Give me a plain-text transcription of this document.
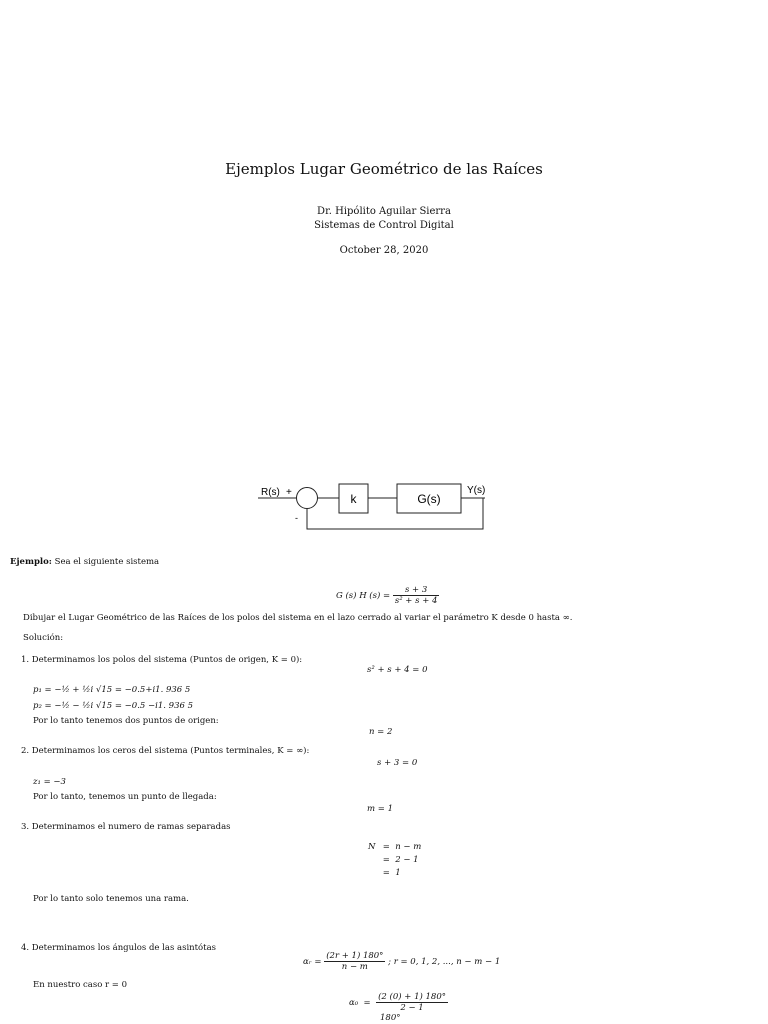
Ejemplos Lugar Geométrico de las Raíces
Dr. Hipólito Aguilar Sierra
Sistemas de Control Digital
October 28, 2020
R(s) +
-
k	G(s)
Y(s)
Ejemplo: Sea el siguiente sistema
G (s) H $(s) = \frac{s + 3}{\text{s² + s + 4}}$
Dibujar el Lugar Geométrico de las Raíces de los polos del sistema en el lazo cerrado al variar el parámetro K desde 0 hasta ∞.
Solución:
1. Determinamos los polos del sistema (Puntos de origen, K = 0):
s² + s + 4 = 0
p₁ = −½ + ½i √15 = −0.5+i1. 936 5
p₂ = −½ − ½i √15 = −0.5 −i1. 936 5
Por lo tanto tenemos dos puntos de origen:
n = 2
2. Determinamos los ceros del sistema (Puntos terminales, K = ∞):
s + 3 = 0
z₁ = −3
Por lo tanto, tenemos un punto de llegada:
m = 1
3. Determinamos el numero de ramas separadas
N =  n − m
=  2 − 1
=  1
Por lo tanto solo tenemos una rama.
4. Determinamos los ángulos de las asintótas
αᵣ = $\frac{(2r + 1) 180^\circ}{n - m}$ ; r = 0, 1, 2, ..., n − m − 1
En nuestro caso r = 0
$\alpha_0 = \frac{(2 (0) + 1) 180^\circ}{2 - 1}$
180°
